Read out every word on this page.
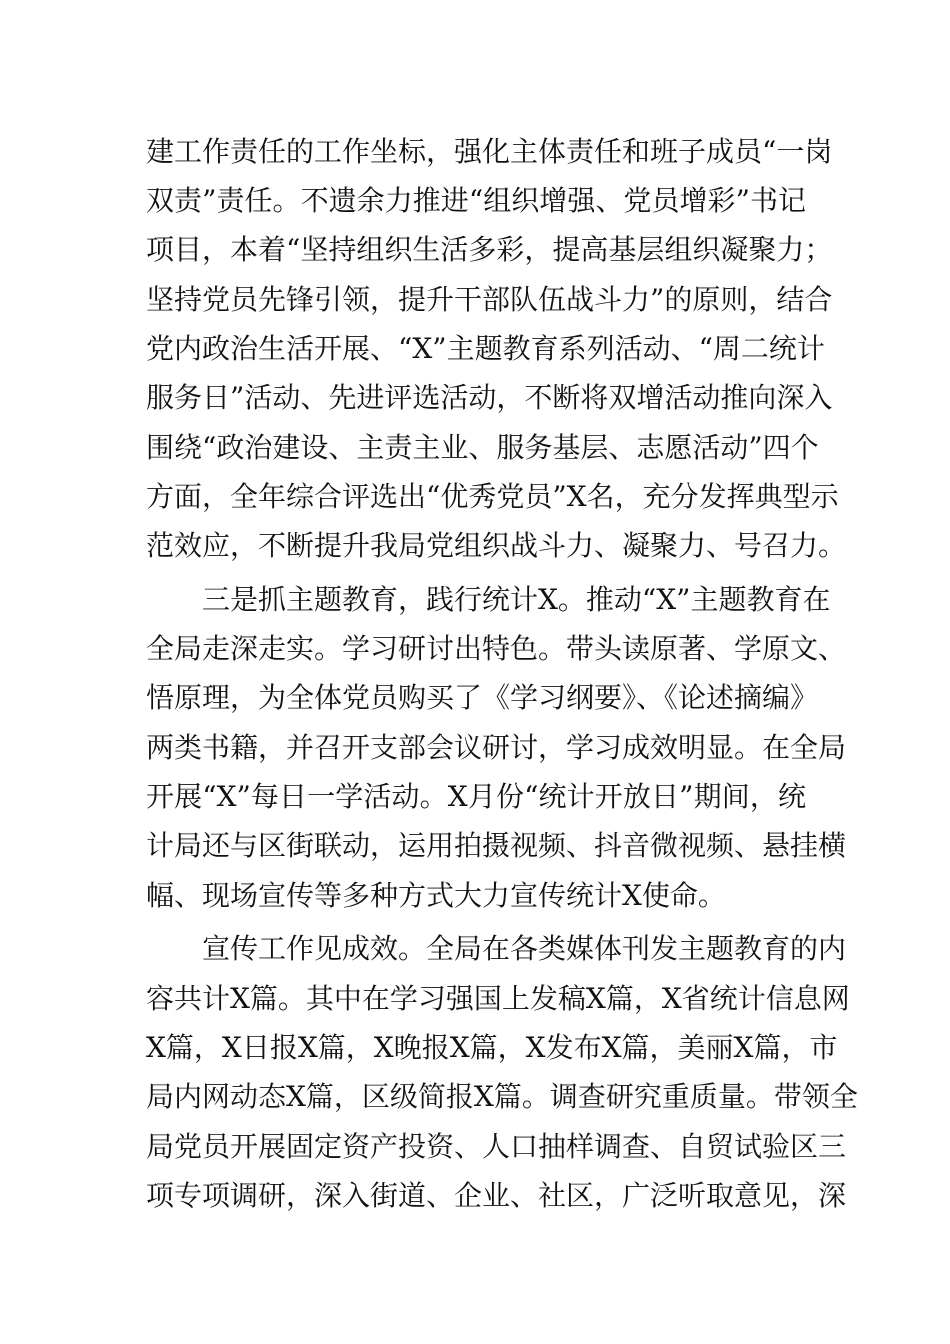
建工作责任的工作坐标，强化主体责任和班子成员“一岗
双责”责任。不遗余力推进“组织增强、党员增彩”书记
项目，本着“坚持组织生活多彩，提高基层组织凝聚力；
坚持党员先锋引领，提升干部队伍战斗力”的原则，结合
党内政治生活开展、“X”主题教育系列活动、“周二统计
服务日”活动、先进评选活动，不断将双增活动推向深入
围绕“政治建设、主责主业、服务基层、志愿活动”四个
方面，全年综合评选出“优秀党员”X名，充分发挥典型示
范效应，不断提升我局党组织战斗力、凝聚力、号召力。
　　三是抓主题教育，践行统计X。推动“X”主题教育在
全局走深走实。学习研讨出特色。带头读原著、学原文、
悟原理，为全体党员购买了《学习纲要》、《论述摘编》
两类书籍，并召开支部会议研讨，学习成效明显。在全局
开展“X”每日一学活动。X月份“统计开放日”期间，统
计局还与区街联动，运用拍摄视频、抖音微视频、悬挂横
幅、现场宣传等多种方式大力宣传统计X使命。
　　宣传工作见成效。全局在各类媒体刊发主题教育的内
容共计X篇。其中在学习强国上发稿X篇，X省统计信息网
X篇，X日报X篇，X晚报X篇，X发布X篇，美丽X篇，市
局内网动态X篇，区级简报X篇。调查研究重质量。带领全
局党员开展固定资产投资、人口抽样调查、自贸试验区三
项专项调研，深入街道、企业、社区，广泛听取意见，深
